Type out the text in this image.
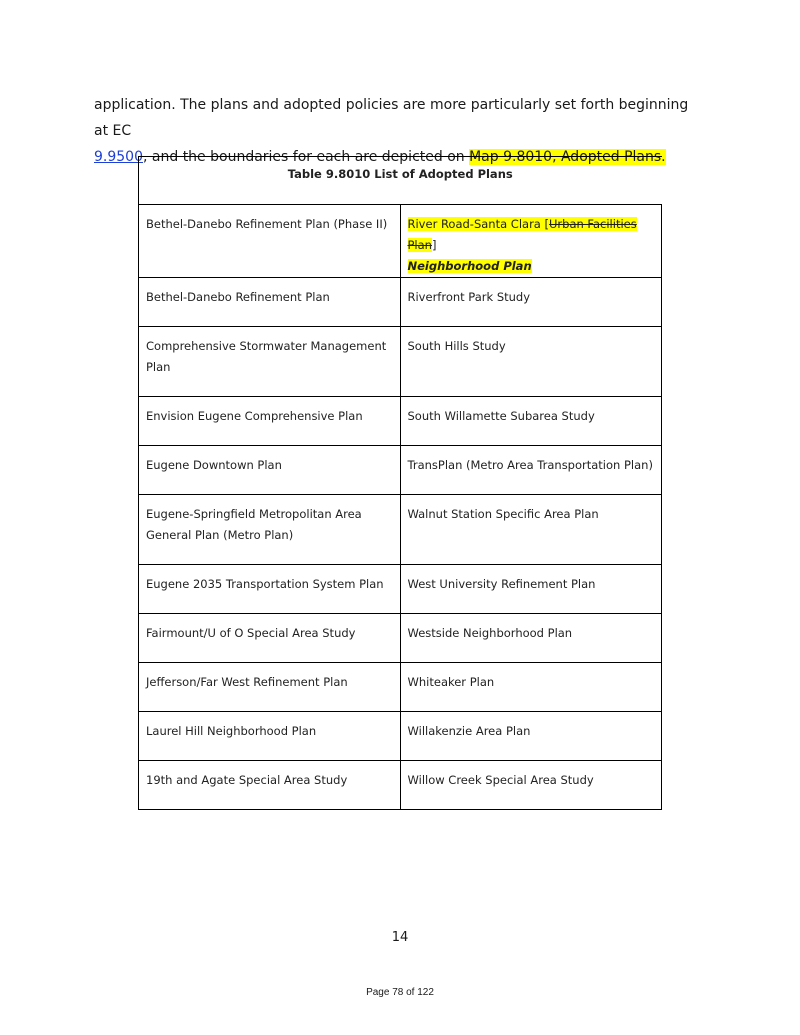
application. The plans and adopted policies are more particularly set forth beginning at EC
9.9500, and the boundaries for each are depicted on Map 9.8010, Adopted Plans.
Table 9.8010 List of Adopted Plans	
Bethel-Danebo Refinement Plan (Phase II)	River Road-Santa Clara [Urban Facilities Plan]
Neighborhood Plan
Bethel-Danebo Refinement Plan	Riverfront Park Study
Comprehensive Stormwater Management Plan	South Hills Study
Envision Eugene Comprehensive Plan	South Willamette Subarea Study
Eugene Downtown Plan	TransPlan (Metro Area Transportation Plan)
Eugene-Springfield Metropolitan Area General Plan (Metro Plan)	Walnut Station Specific Area Plan
Eugene 2035 Transportation System Plan	West University Refinement Plan
Fairmount/U of O Special Area Study	Westside Neighborhood Plan
Jefferson/Far West Refinement Plan	Whiteaker Plan
Laurel Hill Neighborhood Plan	Willakenzie Area Plan
19th and Agate Special Area Study	Willow Creek Special Area Study
14
Page 78 of 122
